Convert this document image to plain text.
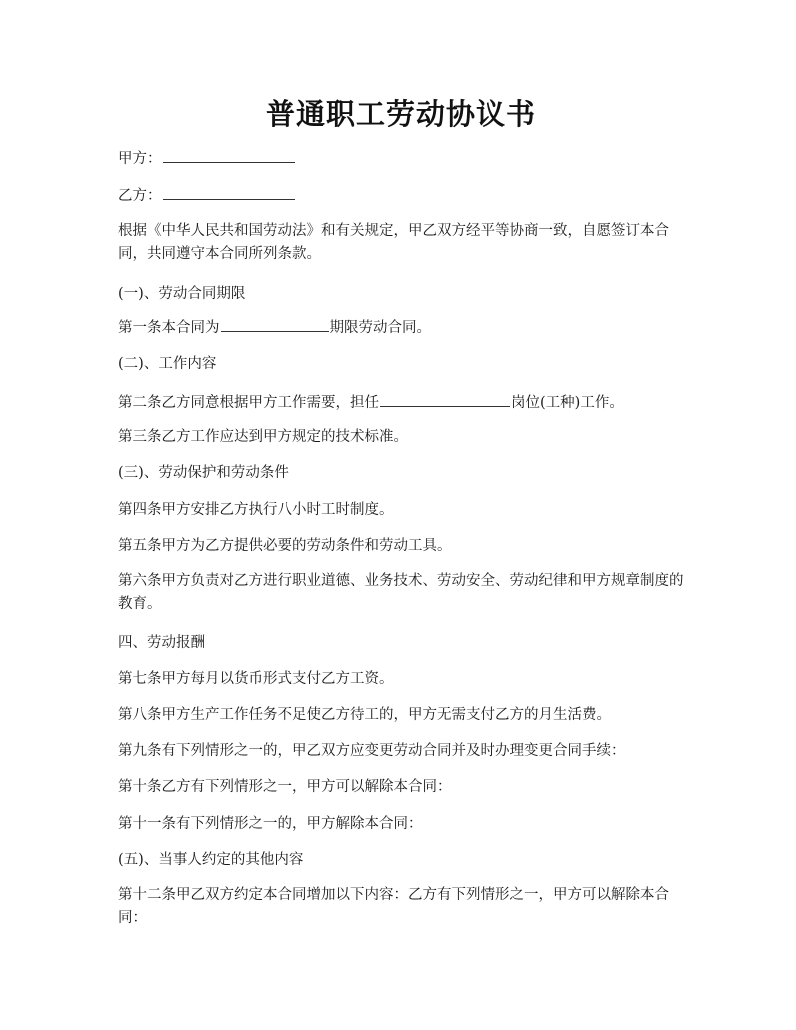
普通职工劳动协议书
甲方：
乙方：
根据《中华人民共和国劳动法》和有关规定，甲乙双方经平等协商一致，自愿签订本合同，共同遵守本合同所列条款。
(一)、劳动合同期限
第一条本合同为	期限劳动合同。
(二)、工作内容
第二条乙方同意根据甲方工作需要，担任	岗位(工种)工作。
第三条乙方工作应达到甲方规定的技术标准。
(三)、劳动保护和劳动条件
第四条甲方安排乙方执行八小时工时制度。
第五条甲方为乙方提供必要的劳动条件和劳动工具。
第六条甲方负责对乙方进行职业道德、业务技术、劳动安全、劳动纪律和甲方规章制度的教育。
四、劳动报酬
第七条甲方每月以货币形式支付乙方工资。
第八条甲方生产工作任务不足使乙方待工的，甲方无需支付乙方的月生活费。
第九条有下列情形之一的，甲乙双方应变更劳动合同并及时办理变更合同手续：
第十条乙方有下列情形之一，甲方可以解除本合同：
第十一条有下列情形之一的，甲方解除本合同：
(五)、当事人约定的其他内容
第十二条甲乙双方约定本合同增加以下内容：乙方有下列情形之一，甲方可以解除本合同：
